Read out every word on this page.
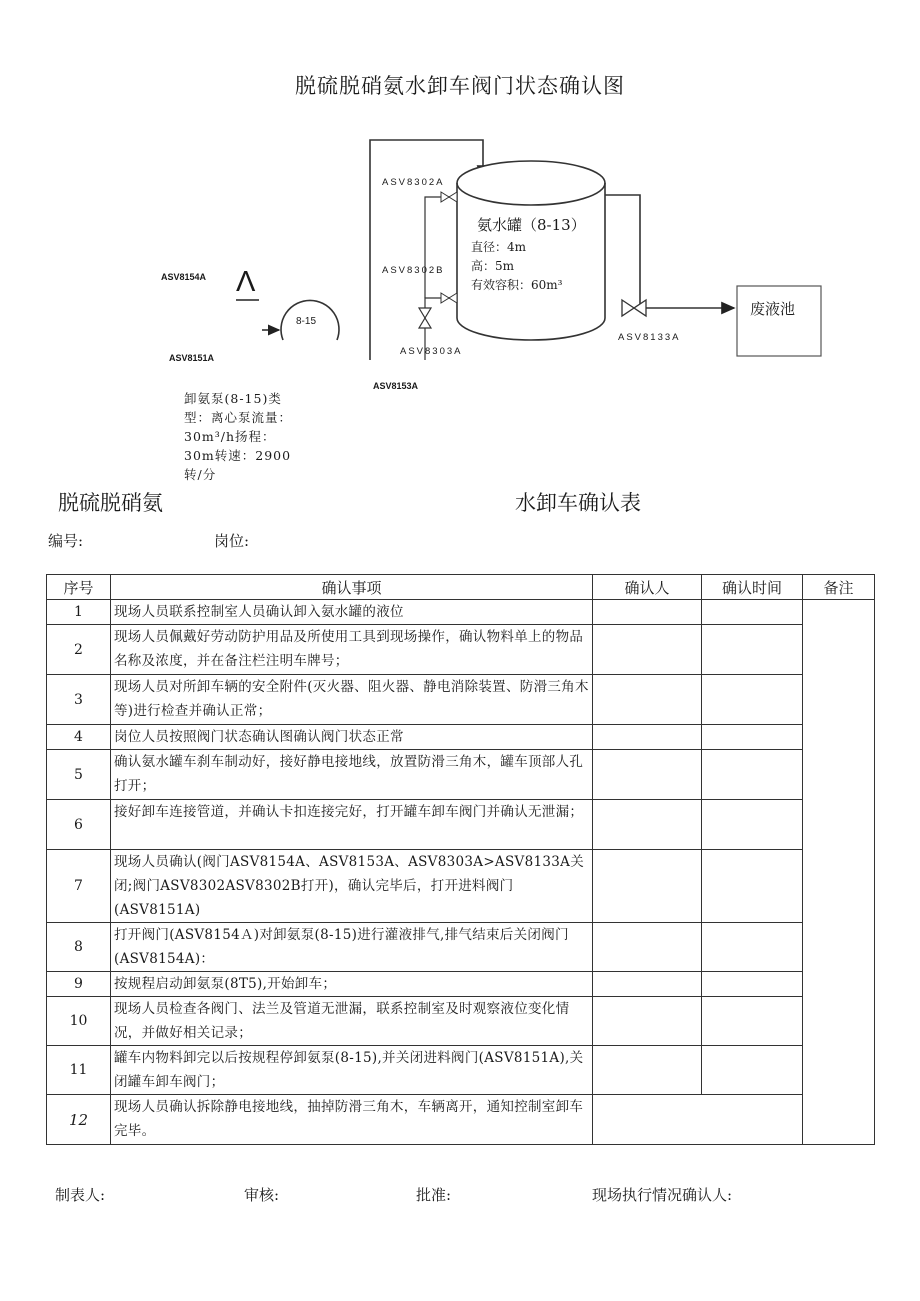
脱硫脱硝氨水卸车阀门状态确认图
ASV8302A
ASV8302B
ASV8303A
ASV8133A
ASV8154A
ASV8151A
ASV8153A
Λ
8-15
氨水罐（8-13）
直径：4m
高：5m
有效容积：60m³
废液池
卸氨泵(8-15)类型：离心泵流量：30m³/h扬程：30m转速：2900转/分
脱硫脱硝氨	水卸车确认表
编号:	岗位:
序号	确认事项	确认人	确认时间	备注
1	现场人员联系控制室人员确认卸入氨水罐的液位			
2	现场人员佩戴好劳动防护用品及所使用工具到现场操作，确认物料单上的物品名称及浓度，并在备注栏注明车牌号；			
3	现场人员对所卸车辆的安全附件(灭火器、阻火器、静电消除装置、防滑三角木等)进行检查并确认正常；			
4	岗位人员按照阀门状态确认图确认阀门状态正常			
5	确认氨水罐车刹车制动好，接好静电接地线，放置防滑三角木，罐车顶部人孔打开；			
6	接好卸车连接管道，并确认卡扣连接完好，打开罐车卸车阀门并确认无泄漏；			
7	现场人员确认(阀门ASV8154A、ASV8153A、ASV8303A>ASV8133A关闭;阀门ASV8302ASV8302B打开)，确认完毕后，打开进料阀门(ASV8151A)			
8	打开阀门(ASV8154Ａ)对卸氨泵(8-15)进行灌液排气,排气结束后关闭阀门(ASV8154A)：			
9	按规程启动卸氨泵(8T5),开始卸车；			
10	现场人员检查各阀门、法兰及管道无泄漏，联系控制室及时观察液位变化情况，并做好相关记录；			
11	罐车内物料卸完以后按规程停卸氨泵(8-15),并关闭进料阀门(ASV8151A),关闭罐车卸车阀门；			
12	现场人员确认拆除静电接地线，抽掉防滑三角木，车辆离开，通知控制室卸车完毕。			
制表人:	审核:	批准:	现场执行情况确认人:
